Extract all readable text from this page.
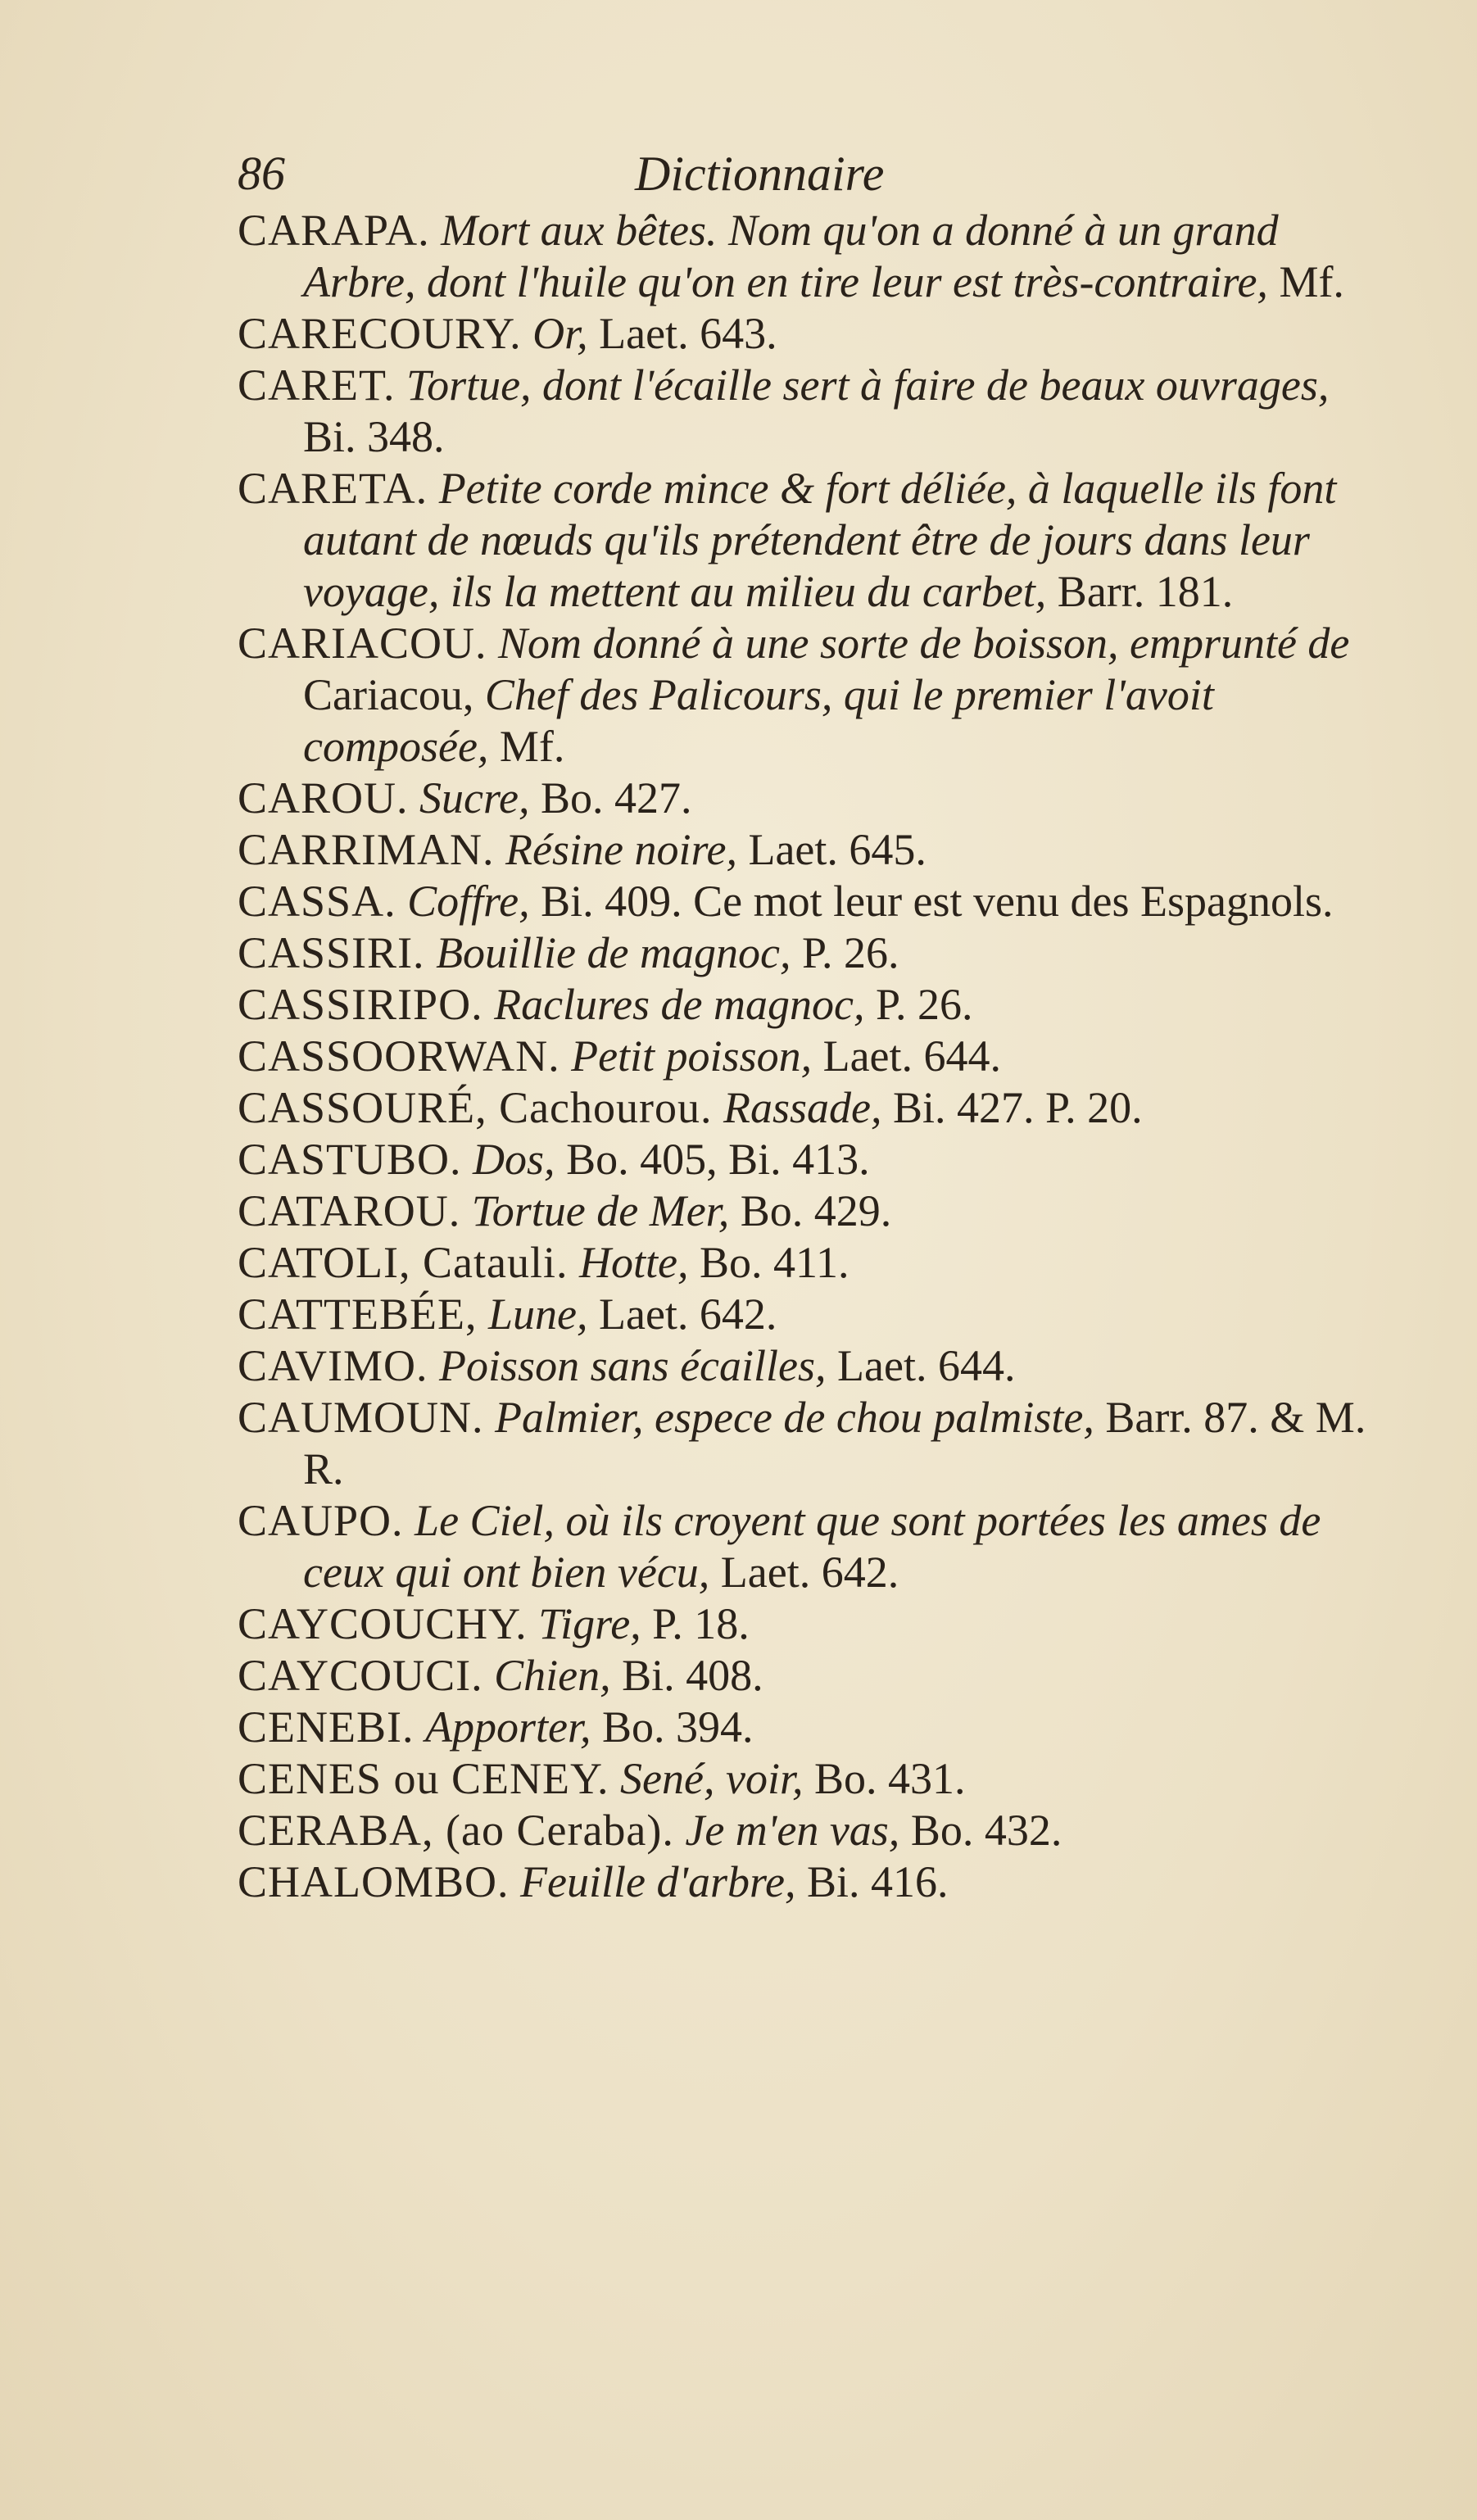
86	Dictionnaire

CARAPA. Mort aux bêtes. Nom qu'on a donné à un grand Arbre, dont l'huile qu'on en tire leur est très-contraire, Mf.

CARECOURY. Or, Laet. 643.

CARET. Tortue, dont l'écaille sert à faire de beaux ouvrages, Bi. 348.

CARETA. Petite corde mince & fort déliée, à laquelle ils font autant de nœuds qu'ils prétendent être de jours dans leur voyage, ils la mettent au milieu du carbet, Barr. 181.

CARIACOU. Nom donné à une sorte de boisson, emprunté de Cariacou, Chef des Palicours, qui le premier l'avoit composée, Mf.

CAROU. Sucre, Bo. 427.

CARRIMAN. Résine noire, Laet. 645.

CASSA. Coffre, Bi. 409. Ce mot leur est venu des Espagnols.

CASSIRI. Bouillie de magnoc, P. 26.

CASSIRIPO. Raclures de magnoc, P. 26.

CASSOORWAN. Petit poisson, Laet. 644.

CASSOURÉ, Cachourou. Rassade, Bi. 427. P. 20.

CASTUBO. Dos, Bo. 405, Bi. 413.

CATAROU. Tortue de Mer, Bo. 429.

CATOLI, Catauli. Hotte, Bo. 411.

CATTEBÉE, Lune, Laet. 642.

CAVIMO. Poisson sans écailles, Laet. 644.

CAUMOUN. Palmier, espece de chou palmiste, Barr. 87. & M. R.

CAUPO. Le Ciel, où ils croyent que sont portées les ames de ceux qui ont bien vécu, Laet. 642.

CAYCOUCHY. Tigre, P. 18.

CAYCOUCI. Chien, Bi. 408.

CENEBI. Apporter, Bo. 394.

CENES ou CENEY. Sené, voir, Bo. 431.

CERABA, (ao Ceraba). Je m'en vas, Bo. 432.

CHALOMBO. Feuille d'arbre, Bi. 416.
